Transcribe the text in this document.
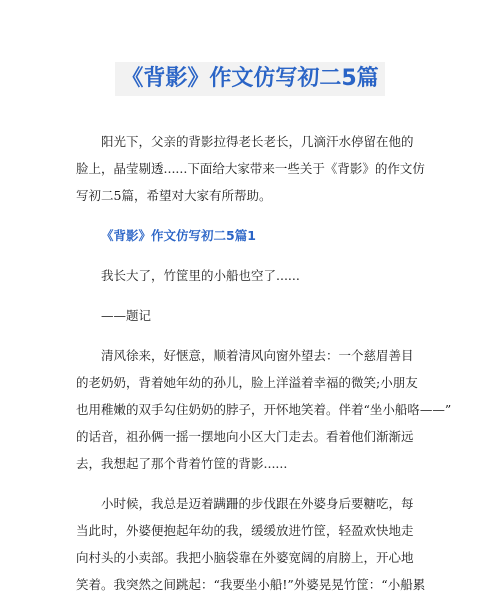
《背影》作文仿写初二5篇
阳光下，父亲的背影拉得老长老长，几滴汗水停留在他的
脸上，晶莹剔透......下面给大家带来一些关于《背影》的作文仿
写初二5篇，希望对大家有所帮助。
《背影》作文仿写初二5篇1
我长大了，竹筐里的小船也空了......
——题记
清风徐来，好惬意，顺着清风向窗外望去：一个慈眉善目
的老奶奶，背着她年幼的孙儿，脸上洋溢着幸福的微笑;小朋友
也用稚嫩的双手勾住奶奶的脖子，开怀地笑着。伴着“坐小船咯——”
的话音，祖孙俩一摇一摆地向小区大门走去。看着他们渐渐远
去，我想起了那个背着竹筐的背影......
小时候，我总是迈着蹒跚的步伐跟在外婆身后要糖吃，每
当此时，外婆便抱起年幼的我，缓缓放进竹筐，轻盈欢快地走
向村头的小卖部。我把小脑袋靠在外婆宽阔的肩膀上，开心地
笑着。我突然之间跳起：“我要坐小船!”外婆晃晃竹筐：“小船累
